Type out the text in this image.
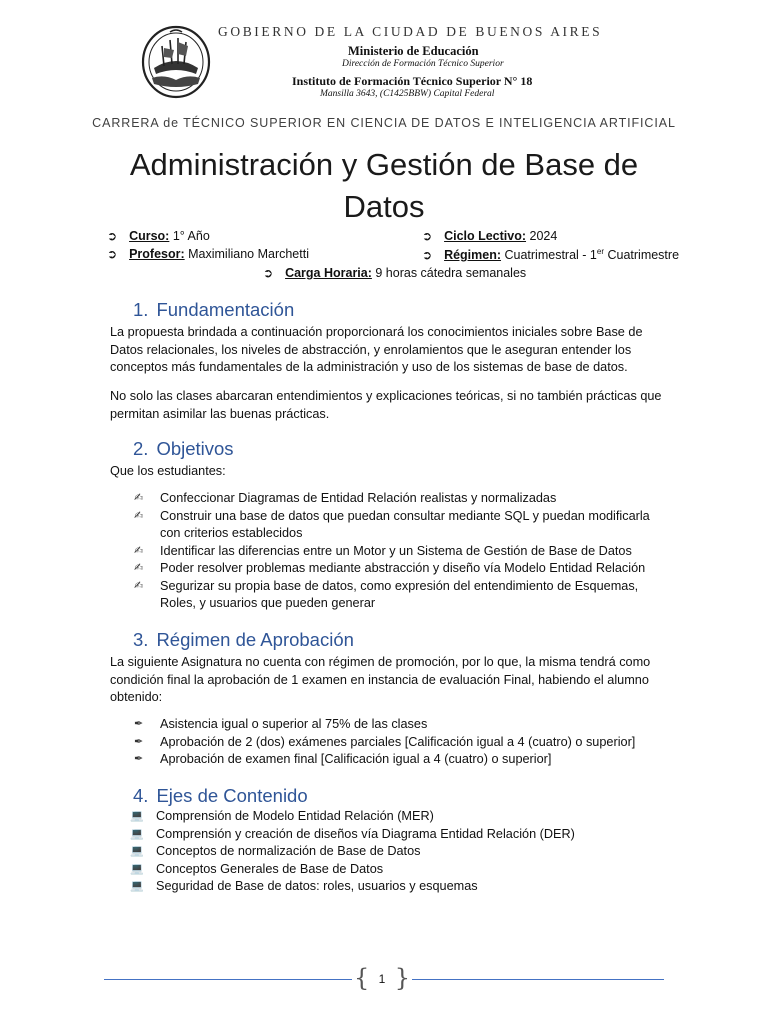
GOBIERNO DE LA CIUDAD DE BUENOS AIRES
Ministerio de Educación
Dirección de Formación Técnico Superior
Instituto de Formación Técnico Superior N° 18
Mansilla 3643, (C1425BBW) Capital Federal
CARRERA de TÉCNICO SUPERIOR EN CIENCIA DE DATOS E INTELIGENCIA ARTIFICIAL
Administración y Gestión de Base de Datos
➲ Curso: 1° Año	➲ Ciclo Lectivo: 2024
➲ Profesor: Maximiliano Marchetti	➲ Régimen: Cuatrimestral - 1er Cuatrimestre
➲ Carga Horaria: 9 horas cátedra semanales
1. Fundamentación
La propuesta brindada a continuación proporcionará los conocimientos iniciales sobre Base de Datos relacionales, los niveles de abstracción, y enrolamientos que le aseguran entender los conceptos más fundamentales de la administración y uso de los sistemas de base de datos.
No solo las clases abarcaran entendimientos y explicaciones teóricas, si no también prácticas que permitan asimilar las buenas prácticas.
2. Objetivos
Que los estudiantes:
✍ Confeccionar Diagramas de Entidad Relación realistas y normalizadas
✍ Construir una base de datos que puedan consultar mediante SQL y puedan modificarla con criterios establecidos
✍ Identificar las diferencias entre un Motor y un Sistema de Gestión de Base de Datos
✍ Poder resolver problemas mediante abstracción y diseño vía Modelo Entidad Relación
✍ Segurizar su propia base de datos, como expresión del entendimiento de Esquemas, Roles, y usuarios que pueden generar
3. Régimen de Aprobación
La siguiente Asignatura no cuenta con régimen de promoción, por lo que, la misma tendrá como condición final la aprobación de 1 examen en instancia de evaluación Final, habiendo el alumno obtenido:
✒ Asistencia igual o superior al 75% de las clases
✒ Aprobación de 2 (dos) exámenes parciales [Calificación igual a 4 (cuatro) o superior]
✒ Aprobación de examen final [Calificación igual a 4 (cuatro) o superior]
4. Ejes de Contenido
💻 Comprensión de Modelo Entidad Relación (MER)
💻 Comprensión y creación de diseños vía Diagrama Entidad Relación (DER)
💻 Conceptos de normalización de Base de Datos
💻 Conceptos Generales de Base de Datos
💻 Seguridad de Base de datos: roles, usuarios y esquemas
{ 1 }
